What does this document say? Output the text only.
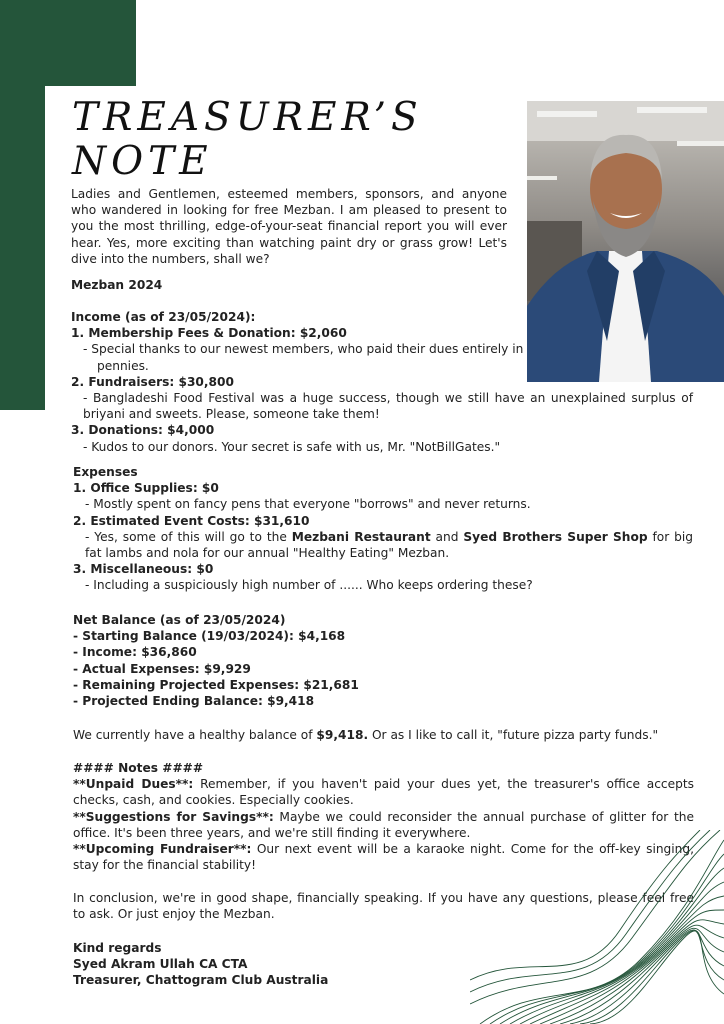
TREASURER’S
NOTE

Ladies and Gentlemen, esteemed members, sponsors, and anyone who wandered in looking for free Mezban. I am pleased to present to you the most thrilling, edge-of-your-seat financial report you will ever hear. Yes, more exciting than watching paint dry or grass grow! Let's dive into the numbers, shall we?

Mezban 2024

Income (as of 23/05/2024):

1. Membership Fees & Donation: $2,060

- Special thanks to our newest members, who paid their dues entirely in

pennies.

2. Fundraisers: $30,800

- Bangladeshi Food Festival was a huge success, though we still have an unexplained surplus of briyani and sweets. Please, someone take them!

3. Donations: $4,000

- Kudos to our donors. Your secret is safe with us, Mr. "NotBillGates."

Expenses

1. Office Supplies: $0

- Mostly spent on fancy pens that everyone "borrows" and never returns.

2. Estimated Event Costs: $31,610

- Yes, some of this will go to the Mezbani Restaurant and Syed Brothers Super Shop for big fat lambs and nola for our annual "Healthy Eating" Mezban.

3. Miscellaneous: $0

- Including a suspiciously high number of ...... Who keeps ordering these?

Net Balance (as of 23/05/2024)

- Starting Balance (19/03/2024): $4,168

- Income: $36,860

- Actual Expenses: $9,929

- Remaining Projected Expenses: $21,681

- Projected Ending Balance: $9,418

We currently have a healthy balance of $9,418. Or as I like to call it, "future pizza party funds."

#### Notes ####

**Unpaid Dues**: Remember, if you haven't paid your dues yet, the treasurer's office accepts checks, cash, and cookies. Especially cookies.

**Suggestions for Savings**: Maybe we could reconsider the annual purchase of glitter for the office. It's been three years, and we're still finding it everywhere.

**Upcoming Fundraiser**: Our next event will be a karaoke night. Come for the off-key singing, stay for the financial stability!

In conclusion, we're in good shape, financially speaking. If you have any questions, please feel free to ask. Or just enjoy the Mezban.

Kind regards

Syed Akram Ullah CA CTA

Treasurer, Chattogram Club Australia
